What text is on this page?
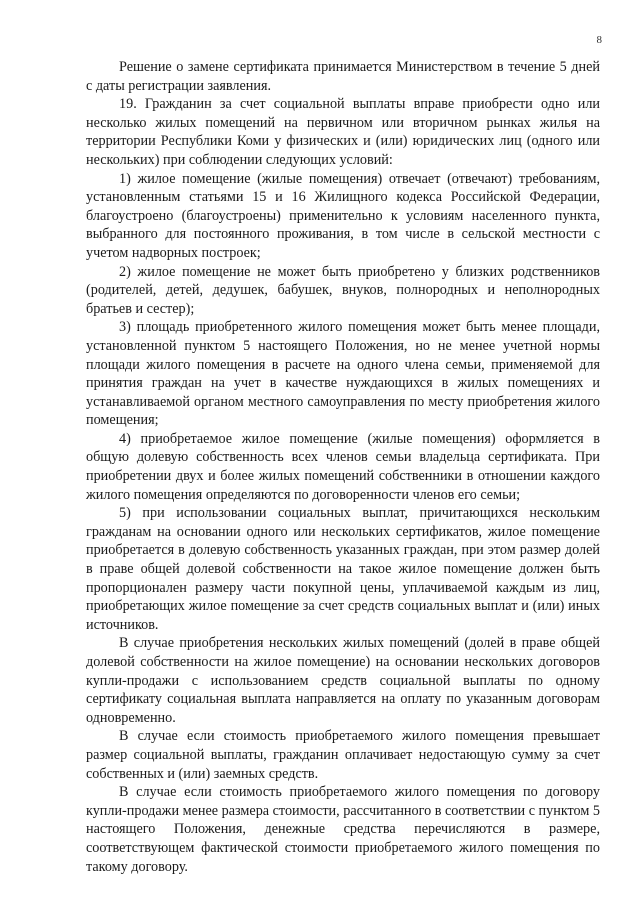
8

Решение о замене сертификата принимается Министерством в течение 5 дней с даты регистрации заявления.

19. Гражданин за счет социальной выплаты вправе приобрести одно или несколько жилых помещений на первичном или вторичном рынках жилья на территории Республики Коми у физических и (или) юридических лиц (одного или нескольких) при соблюдении следующих условий:

1) жилое помещение (жилые помещения) отвечает (отвечают) требованиям, установленным статьями 15 и 16 Жилищного кодекса Российской Федерации, благоустроено (благоустроены) применительно к условиям населенного пункта, выбранного для постоянного проживания, в том числе в сельской местности с учетом надворных построек;

2) жилое помещение не может быть приобретено у близких родственников (родителей, детей, дедушек, бабушек, внуков, полнородных и неполнородных братьев и сестер);

3) площадь приобретенного жилого помещения может быть менее площади, установленной пунктом 5 настоящего Положения, но не менее учетной нормы площади жилого помещения в расчете на одного члена семьи, применяемой для принятия граждан на учет в качестве нуждающихся в жилых помещениях и устанавливаемой органом местного самоуправления по месту приобретения жилого помещения;

4) приобретаемое жилое помещение (жилые помещения) оформляется в общую долевую собственность всех членов семьи владельца сертификата. При приобретении двух и более жилых помещений собственники в отношении каждого жилого помещения определяются по договоренности членов его семьи;

5) при использовании социальных выплат, причитающихся нескольким гражданам на основании одного или нескольких сертификатов, жилое помещение приобретается в долевую собственность указанных граждан, при этом размер долей в праве общей долевой собственности на такое жилое помещение должен быть пропорционален размеру части покупной цены, уплачиваемой каждым из лиц, приобретающих жилое помещение за счет средств социальных выплат и (или) иных источников.

В случае приобретения нескольких жилых помещений (долей в праве общей долевой собственности на жилое помещение) на основании нескольких договоров купли-продажи с использованием средств социальной выплаты по одному сертификату социальная выплата направляется на оплату по указанным договорам одновременно.

В случае если стоимость приобретаемого жилого помещения превышает размер социальной выплаты, гражданин оплачивает недостающую сумму за счет собственных и (или) заемных средств.

В случае если стоимость приобретаемого жилого помещения по договору купли-продажи менее размера стоимости, рассчитанного в соответствии с пунктом 5 настоящего Положения, денежные средства перечисляются в размере, соответствующем фактической стоимости приобретаемого жилого помещения по такому договору.
